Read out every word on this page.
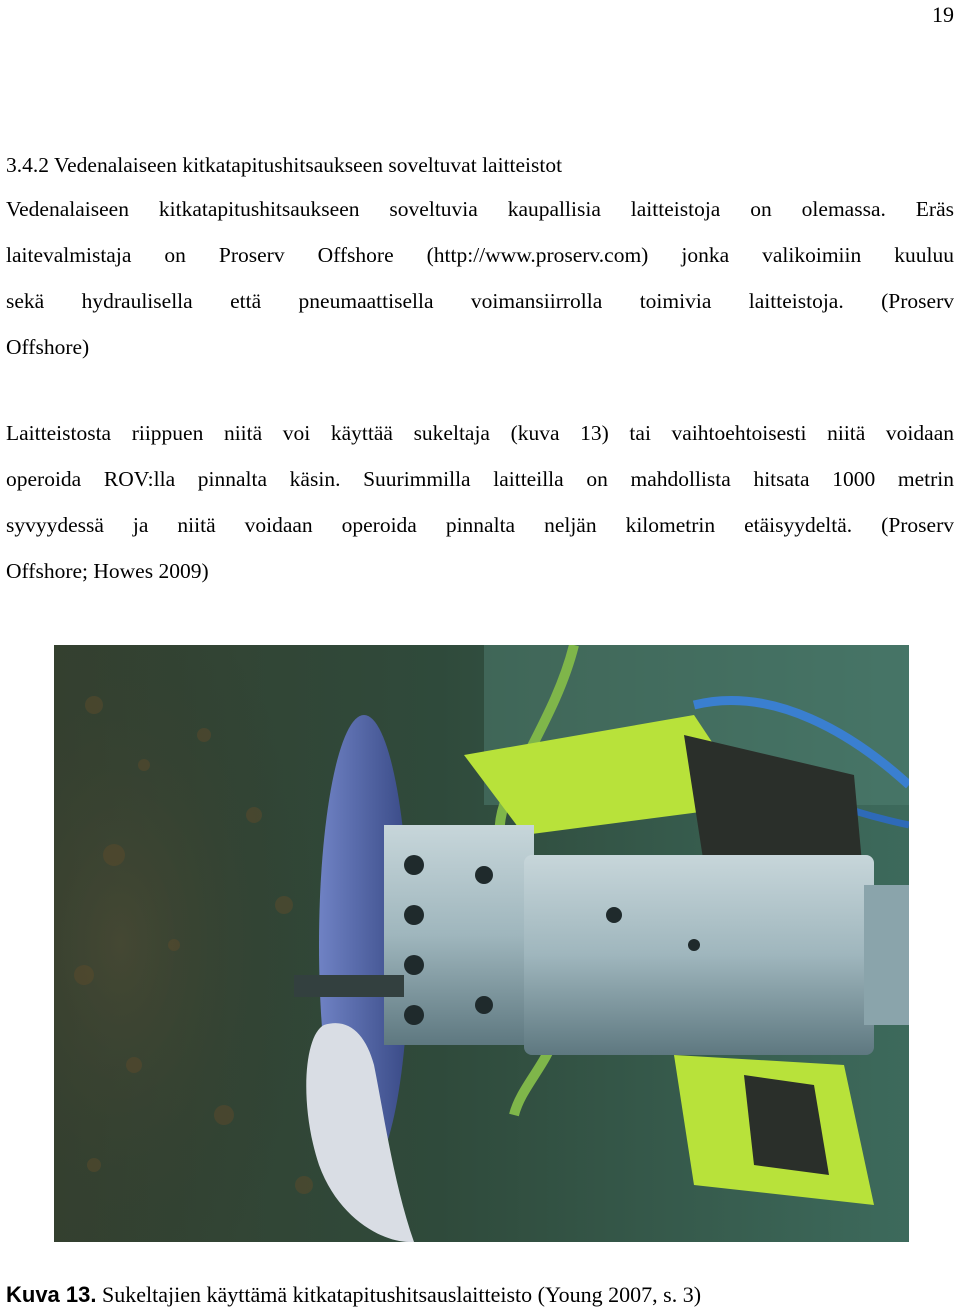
19
3.4.2 Vedenalaiseen kitkatapitushitsaukseen soveltuvat laitteistot
Vedenalaiseen kitkatapitushitsaukseen soveltuvia kaupallisia laitteistoja on olemassa. Eräs
laitevalmistaja on Proserv Offshore (http://www.proserv.com) jonka valikoimiin kuuluu
sekä hydraulisella että pneumaattisella voimansiirrolla toimivia laitteistoja. (Proserv
Offshore)
Laitteistosta riippuen niitä voi käyttää sukeltaja (kuva 13) tai vaihtoehtoisesti niitä voidaan
operoida ROV:lla pinnalta käsin. Suurimmilla laitteilla on mahdollista hitsata 1000 metrin
syvyydessä ja niitä voidaan operoida pinnalta neljän kilometrin etäisyydeltä. (Proserv
Offshore; Howes 2009)
Kuva 13. Sukeltajien käyttämä kitkatapitushitsauslaitteisto (Young 2007, s. 3)
